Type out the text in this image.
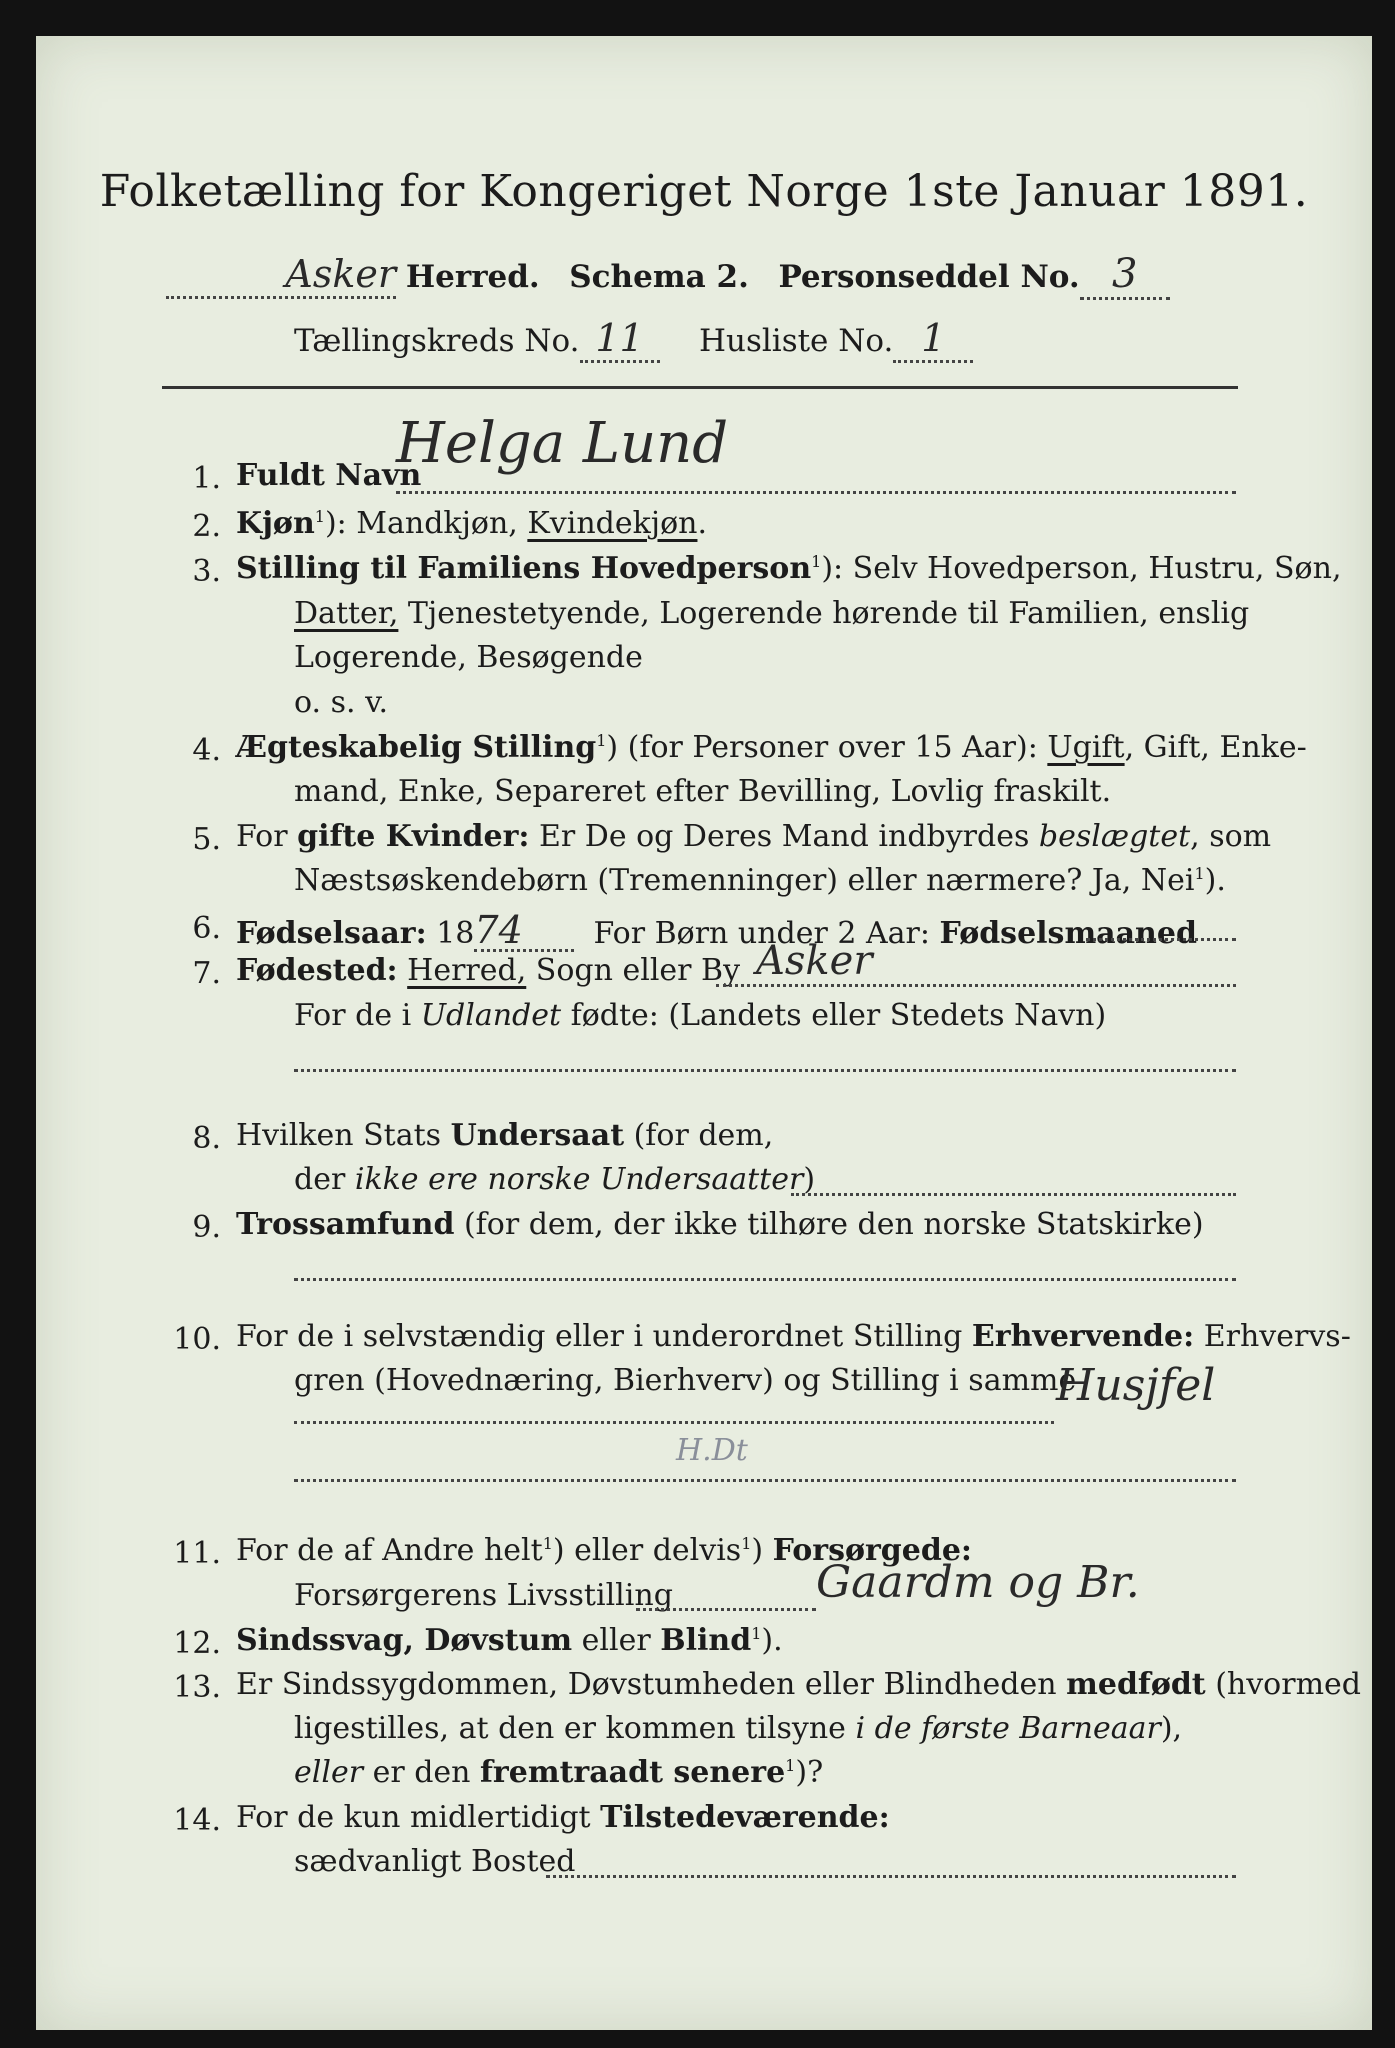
Folketælling for Kongeriget Norge 1ste Januar 1891.
Asker Herred. Schema 2. Personseddel No. 3
Tællingskreds No. 11 Husliste No. 1
1. Fuldt Navn
Helga Lund
2. Kjøn$^1$): Mandkjøn, Kvindekjøn.
3. Stilling til Familiens Hovedperson$^1$): Selv Hovedperson, Hustru, Søn,
Datter, Tjenestetyende, Logerende hørende til Familien, enslig
Logerende, Besøgende
o. s. v.
4. Ægteskabelig Stilling$^1$) (for Personer over 15 Aar): Ugift, Gift, Enke-
mand, Enke, Separeret efter Bevilling, Lovlig fraskilt.
5. For gifte Kvinder: Er De og Deres Mand indbyrdes beslægtet, som
Næstsøskendebørn (Tremenninger) eller nærmere? Ja, Nei$^1$).
6. Fødselsaar: 1874 For Børn under 2 Aar: Fødselsmaaned
7. Fødested: Herred, Sogn eller By Asker
For de i Udlandet fødte: (Landets eller Stedets Navn)
8. Hvilken Stats Undersaat (for dem,
der ikke ere norske Undersaatter)
9. Trossamfund (for dem, der ikke tilhøre den norske Statskirke)
10. For de i selvstændig eller i underordnet Stilling Erhvervende: Erhvervs-
gren (Hovednæring, Bierhverv) og Stilling i samme
Husjfel
H.Dt
11. For de af Andre helt$^1$) eller delvis$^1$) Forsørgede:
Forsørgerens Livsstilling	Gaardm og Br.
12. Sindssvag, Døvstum eller Blind$^1$).
13. Er Sindssygdommen, Døvstumheden eller Blindheden medfødt (hvormed
ligestilles, at den er kommen tilsyne i de første Barneaar),
eller er den fremtraadt senere$^1$)?
14. For de kun midlertidigt Tilstedeværende:
sædvanligt Bosted
